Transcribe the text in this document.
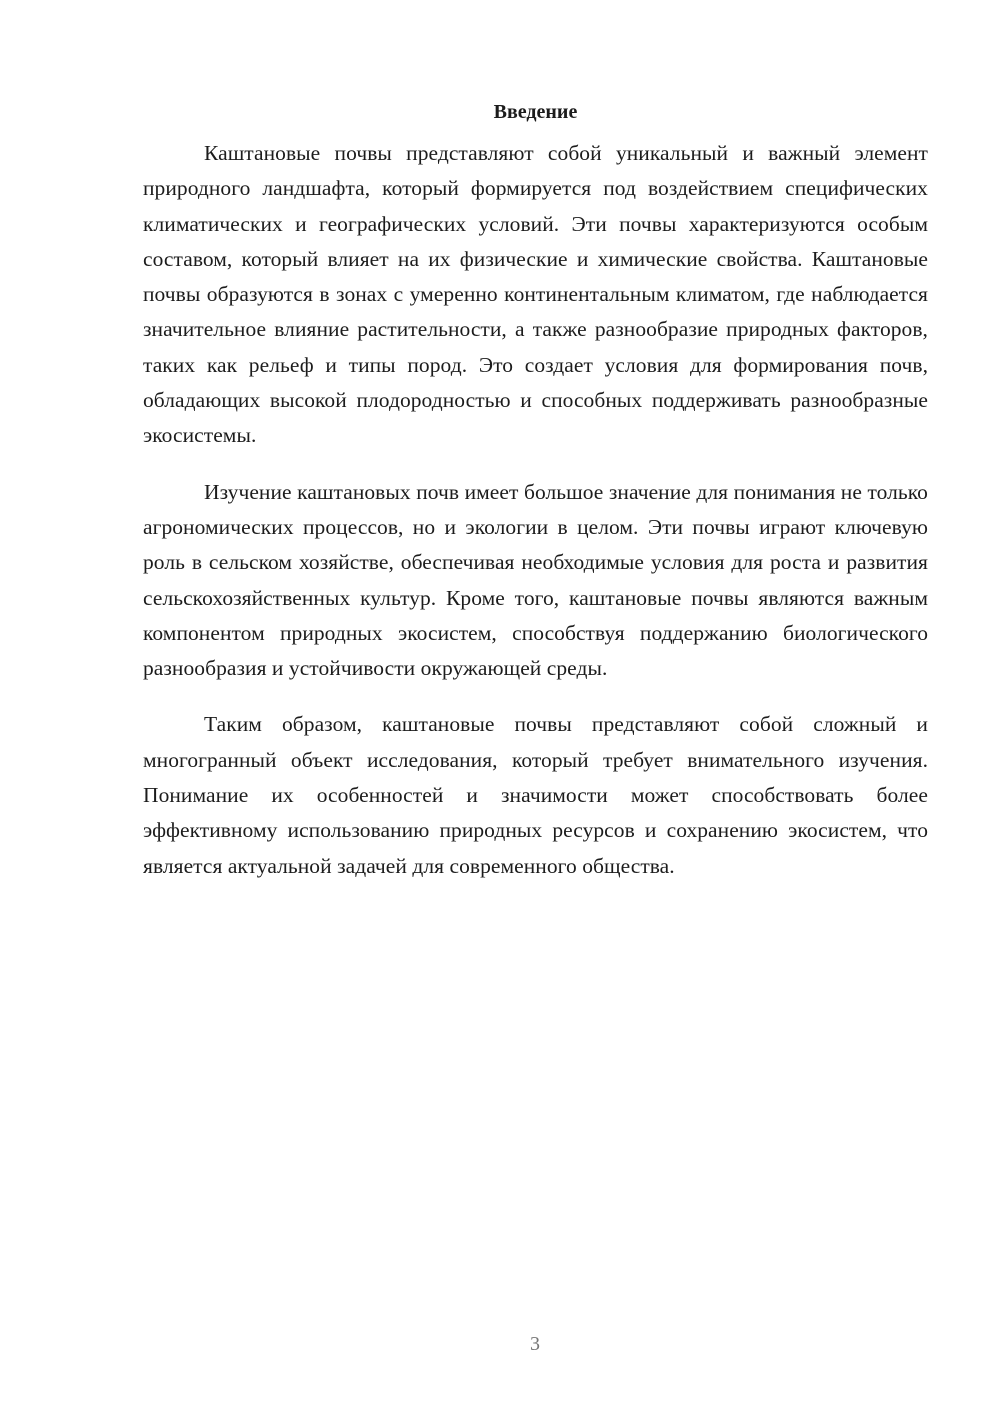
Введение

Каштановые почвы представляют собой уникальный и важный элемент природного ландшафта, который формируется под воздействием специфических климатических и географических условий. Эти почвы характеризуются особым составом, который влияет на их физические и химические свойства. Каштановые почвы образуются в зонах с умеренно континентальным климатом, где наблюдается значительное влияние растительности, а также разнообразие природных факторов, таких как рельеф и типы пород. Это создает условия для формирования почв, обладающих высокой плодородностью и способных поддерживать разнообразные экосистемы.

Изучение каштановых почв имеет большое значение для понимания не только агрономических процессов, но и экологии в целом. Эти почвы играют ключевую роль в сельском хозяйстве, обеспечивая необходимые условия для роста и развития сельскохозяйственных культур. Кроме того, каштановые почвы являются важным компонентом природных экосистем, способствуя поддержанию биологического разнообразия и устойчивости окружающей среды.

Таким образом, каштановые почвы представляют собой сложный и многогранный объект исследования, который требует внимательного изучения. Понимание их особенностей и значимости может способствовать более эффективному использованию природных ресурсов и сохранению экосистем, что является актуальной задачей для современного общества.

3
